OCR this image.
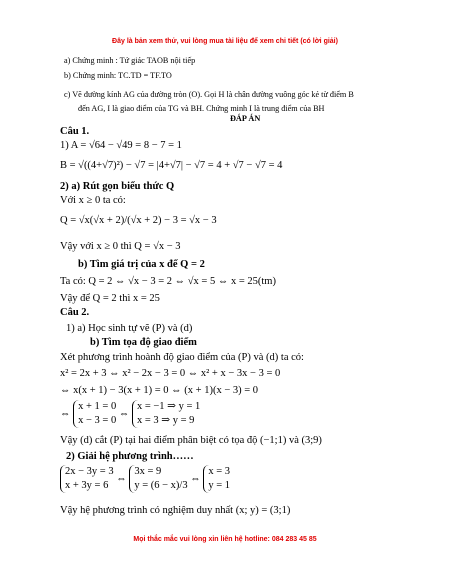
Đây là bản xem thử, vui lòng mua tài liệu để xem chi tiết (có lời giải)
a) Chứng minh : Tứ giác TAOB nội tiếp
b) Chứng minh: TC.TD = TF.TO
c) Vẽ đường kính AG của đường tròn (O). Gọi H là chân đường vuông góc kẻ từ điểm B
đến AG, I là giao điểm của TG và BH. Chứng minh I là trung điểm của BH
ĐÁP ÁN
Câu 1.
1) A = √64 − √49 = 8 − 7 = 1
B = √((4+√7)²) − √7 = |4+√7| − √7 = 4 + √7 − √7 = 4
2) a) Rút gọn biểu thức Q
Với x ≥ 0 ta có:
Q = √x(√x + 2)/(√x + 2) − 3 = √x − 3
Vậy với x ≥ 0 thì Q = √x − 3
b) Tìm giá trị của x để Q = 2
Ta có: Q = 2 ⇔ √x − 3 = 2 ⇔ √x = 5 ⇔ x = 25(tm)
Vậy để Q = 2 thì x = 25
Câu 2.
1) a) Học sinh tự vẽ (P) và (d)
b) Tìm tọa độ giao điểm
Xét phương trình hoành độ giao điểm của (P) và (d) ta có:
x² = 2x + 3 ⇔ x² − 2x − 3 = 0 ⇔ x² + x − 3x − 3 = 0
⇔ x(x + 1) − 3(x + 1) = 0 ⇔ (x + 1)(x − 3) = 0
⇔
x + 1 = 0
x − 3 = 0
⇔
x = −1 ⇒ y = 1
x = 3 ⇒ y = 9
Vậy (d) cắt (P) tại hai điểm phân biệt có tọa độ (−1;1) và (3;9)
2) Giải hệ phương trình……
2x − 3y = 3
x + 3y = 6
⇔
3x = 9
y = (6 − x)/3
⇔
x = 3
y = 1
Vậy hệ phương trình có nghiệm duy nhất (x; y) = (3;1)
Mọi thắc mắc vui lòng xin liên hệ hotline: 084 283 45 85
